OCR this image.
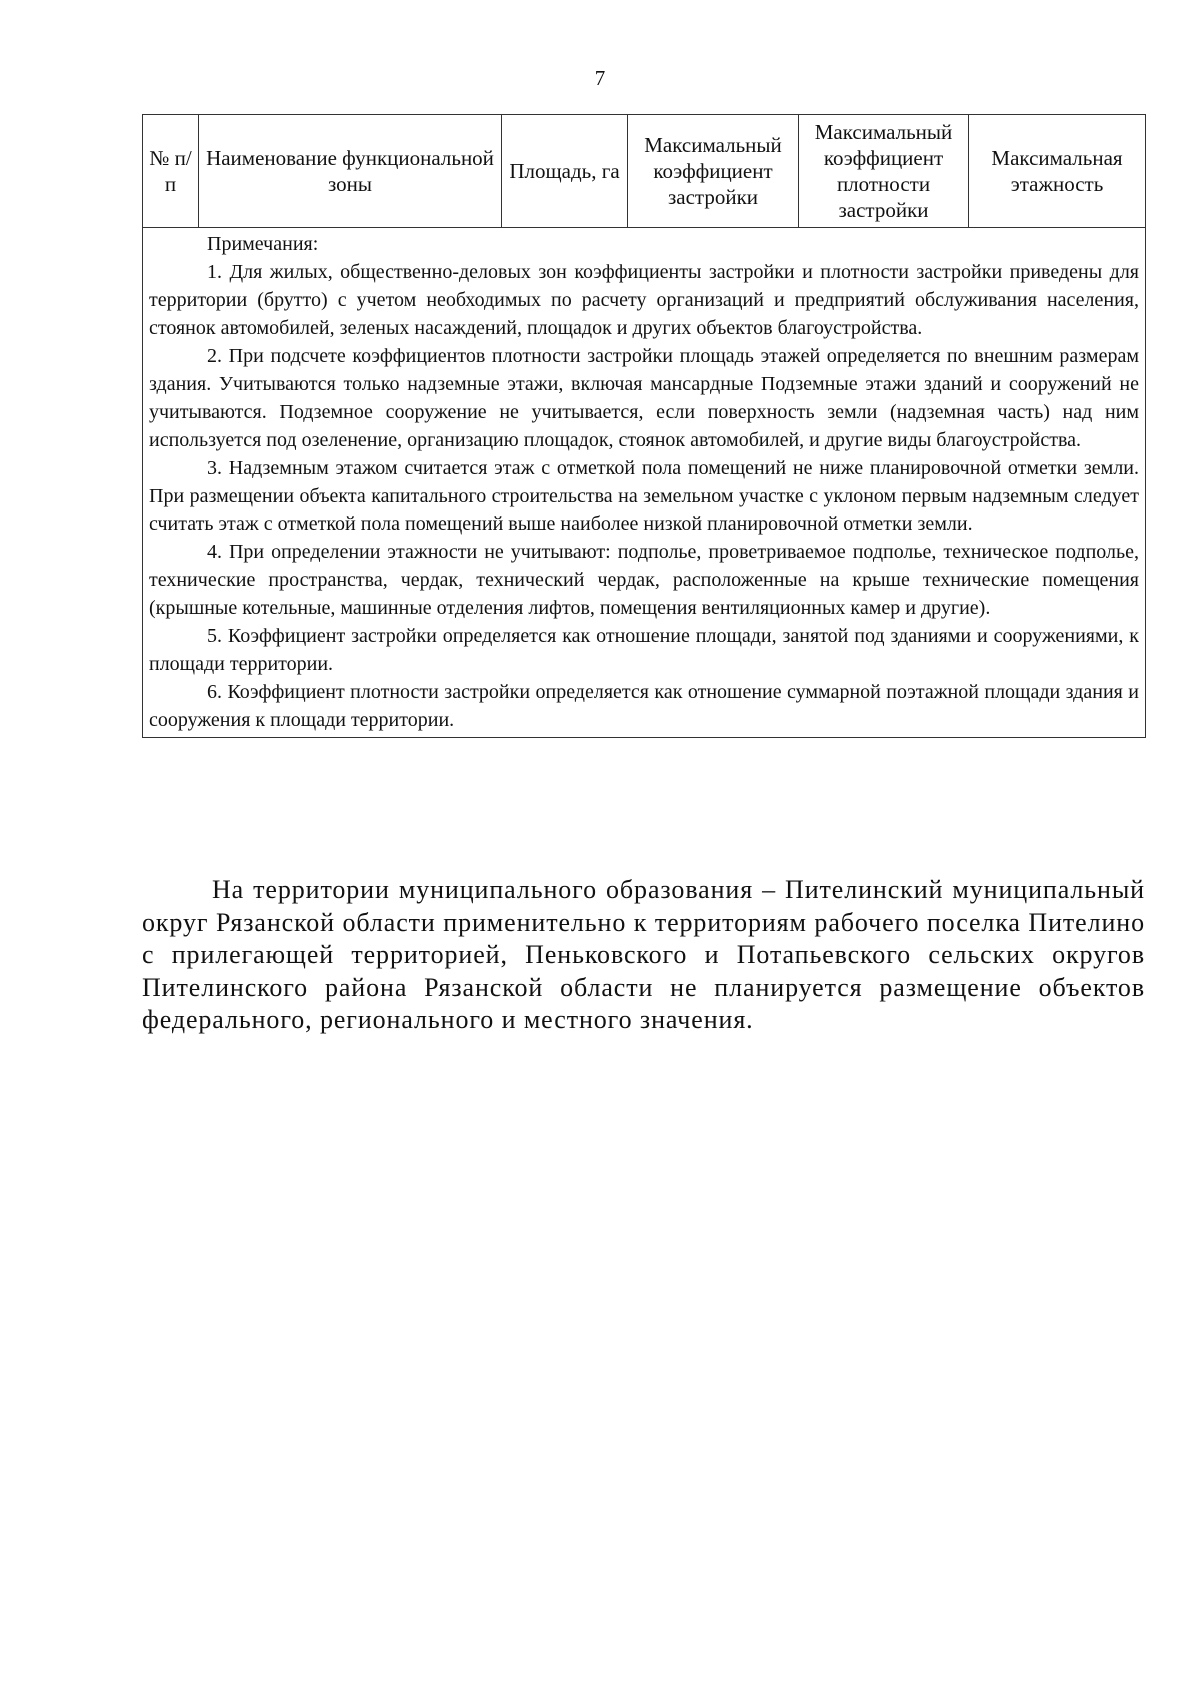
7
№ п/п	Наименование функциональной зоны	Площадь, га	Максимальный коэффициент застройки	Максимальный коэффициент плотности застройки	Максимальная этажность

Примечания:

1. Для жилых, общественно-деловых зон коэффициенты застройки и плотности застройки приведены для территории (брутто) с учетом необходимых по расчету организаций и предприятий обслуживания населения, стоянок автомобилей, зеленых насаждений, площадок и других объектов благоустройства.

2. При подсчете коэффициентов плотности застройки площадь этажей определяется по внешним размерам здания. Учитываются только надземные этажи, включая мансардные Подземные этажи зданий и сооружений не учитываются. Подземное сооружение не учитывается, если поверхность земли (надземная часть) над ним используется под озеленение, организацию площадок, стоянок автомобилей, и другие виды благоустройства.

3. Надземным этажом считается этаж с отметкой пола помещений не ниже планировочной отметки земли. При размещении объекта капитального строительства на земельном участке с уклоном первым надземным следует считать этаж с отметкой пола помещений выше наиболее низкой планировочной отметки земли.

4. При определении этажности не учитывают: подполье, проветриваемое подполье, техническое подполье, технические пространства, чердак, технический чердак, расположенные на крыше технические помещения (крышные котельные, машинные отделения лифтов, помещения вентиляционных камер и другие).

5. Коэффициент застройки определяется как отношение площади, занятой под зданиями и сооружениями, к площади территории.

6. Коэффициент плотности застройки определяется как отношение суммарной поэтажной площади здания и сооружения к площади территории.

На территории муниципального образования – Пителинский муниципальный округ Рязанской области применительно к территориям рабочего поселка Пителино с прилегающей территорией, Пеньковского и Потапьевского сельских округов Пителинского района Рязанской области не планируется размещение объектов федерального, регионального и местного значения.
